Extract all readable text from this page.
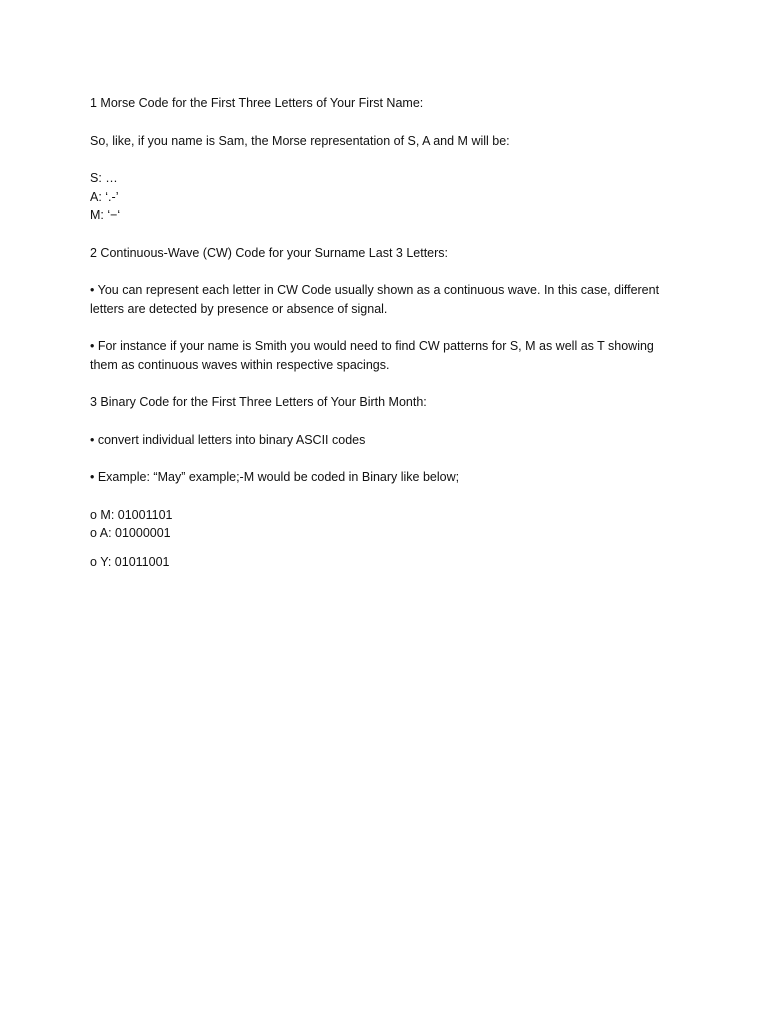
1 Morse Code for the First Three Letters of Your First Name:

So, like, if you name is Sam, the Morse representation of S, A and M will be:

S: …

A: ‘.-’

M: ‘−‘

2 Continuous-Wave (CW) Code for your Surname Last 3 Letters:

• You can represent each letter in CW Code usually shown as a continuous wave. In this case, different letters are detected by presence or absence of signal.

• For instance if your name is Smith you would need to find CW patterns for S, M as well as T showing them as continuous waves within respective spacings.

3 Binary Code for the First Three Letters of Your Birth Month:

• convert individual letters into binary ASCII codes

• Example: “May” example;-M would be coded in Binary like below;

o M: 01001101

o A: 01000001

o Y: 01011001
